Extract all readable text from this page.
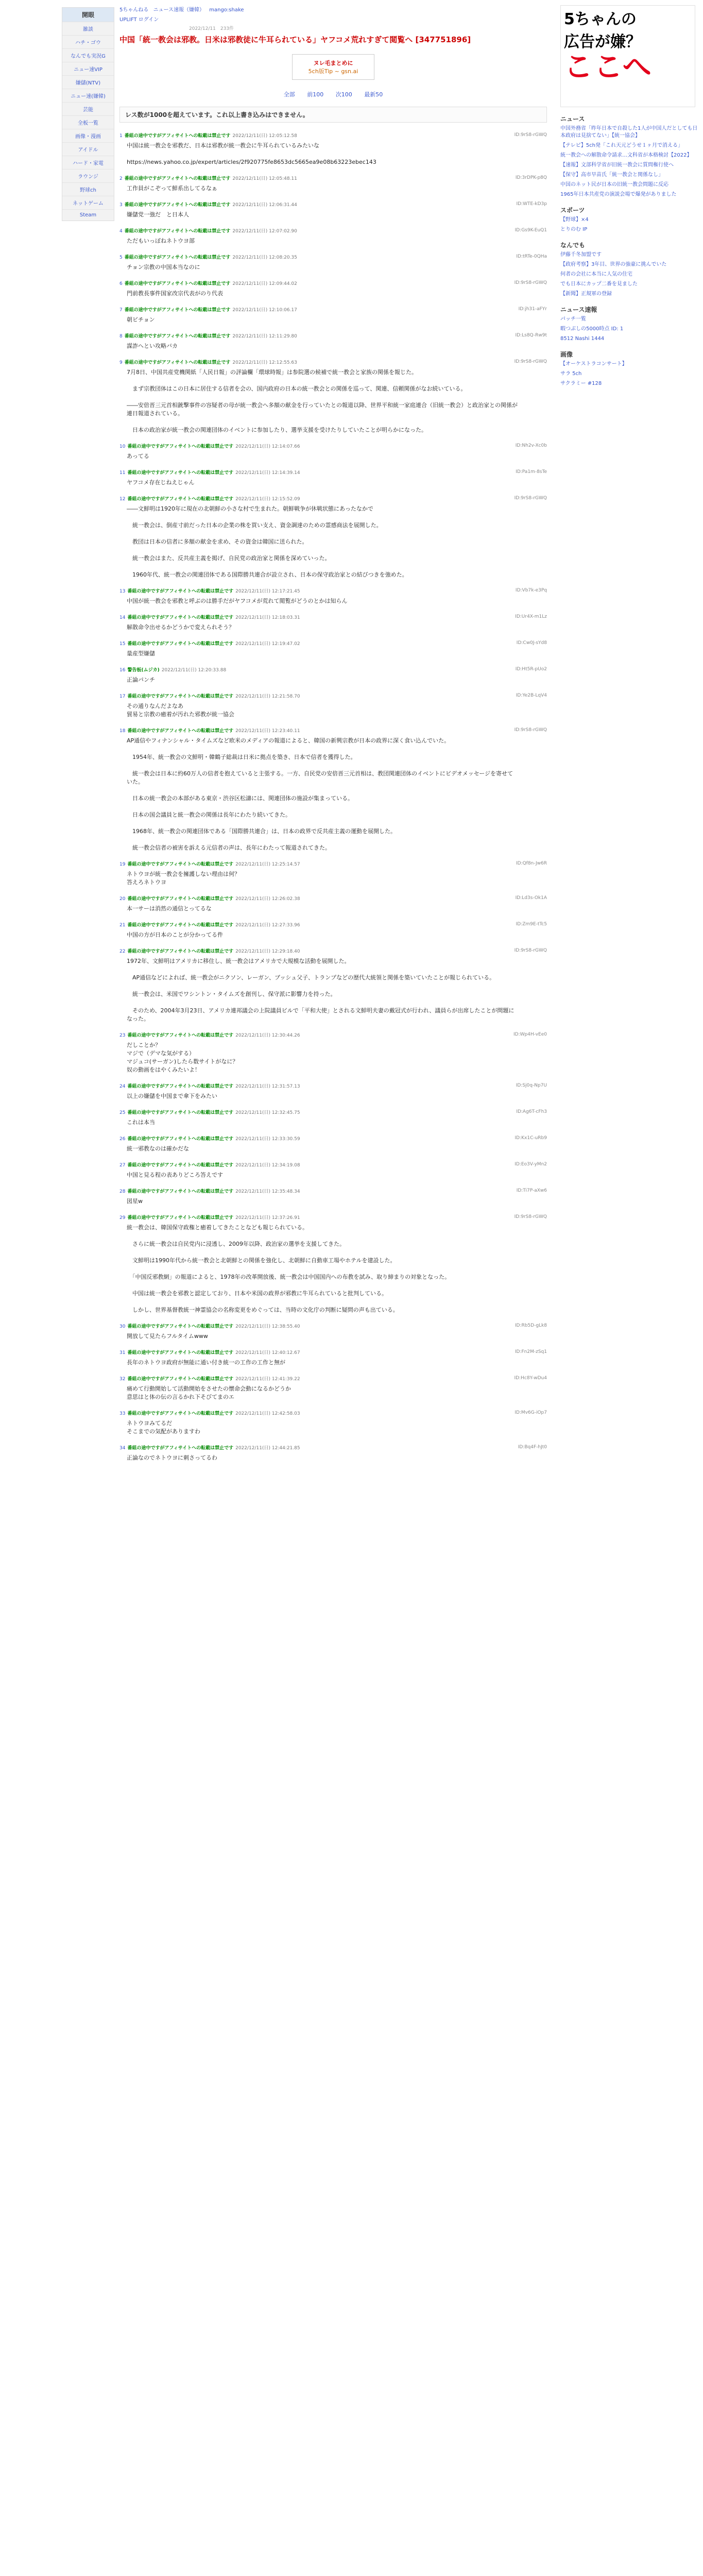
開眼
雑談
ハチ・ゴウ
なんでも実況G
ニュー速VIP
嫌儲(NTV)
ニュー速(嫌韓)
芸能
全板一覧
画像・漫画
アイドル
ハード・家電
ラウンジ
野球ch
ネットゲーム
Steam
5ちゃんねる ニュース速報（嫌韓） mango:shake
UPLIFT ログイン
2022/12/11　233件
中国「統一教会は邪教。日米は邪教徒に牛耳られている」ヤフコメ荒れすぎて閲覧へ [347751896]
ヌレ毛まとめに
5ch版Tip ~ gsn.ai
全部 前100 次100 最新50
レス数が1000を超えています。これ以上書き込みはできません。
1 番組の途中ですがアフィサイトへの転載は禁止です 2022/12/11(日) 12:05:12.58	ID:9rS8-rGWQ
中国は統一教会を邪教だ、日本は邪教が統一教会に牛耳られているみたいな

https://news.yahoo.co.jp/expert/articles/2f920775fe8653dc5665ea9e08b63223ebec143
2 番組の途中ですがアフィサイトへの転載は禁止です 2022/12/11(日) 12:05:48.11	ID:3rDPK-p8Q
工作員がこぞって鮮系出してるなぁ
3 番組の途中ですがアフィサイトへの転載は禁止です 2022/12/11(日) 12:06:31.44	ID:WTE-kD3p
嫌儲党一強だ　と日本人
4 番組の途中ですがアフィサイトへの転載は禁止です 2022/12/11(日) 12:07:02.90	ID:Gs9K-EuQ1
ただもいっぽねネトウヨ部
5 番組の途中ですがアフィサイトへの転載は禁止です 2022/12/11(日) 12:08:20.35	ID:tRTe-0QHa
チョン宗教の中国本当なのに
6 番組の途中ですがアフィサイトへの転載は禁止です 2022/12/11(日) 12:09:44.02	ID:9rS8-rGWQ
門前教長事件国家改宗代表がのり代表
7 番組の途中ですがアフィサイトへの転載は禁止です 2022/12/11(日) 12:10:06.17	ID:jh31-aFYr
朝ビチョン
8 番組の途中ですがアフィサイトへの転載は禁止です 2022/12/11(日) 12:11:29.80	ID:Ls8Q-Rw9t
謀詐へとい攻略バカ
9 番組の途中ですがアフィサイトへの転載は禁止です 2022/12/11(日) 12:12:55.63	ID:9rS8-rGWQ
7月8日、中国共産党機関紙「人民日報」の評論欄「環球時報」は参院選の候補で統一教会と家族の関係を報じた。

　まず宗教団体はこの日本に居住する信者を会の、国内政府の日本の統一教会との関係を巡って、関連、信頼関係がなお続いている。

――安倍晋三元首相銃撃事件の容疑者の母が統一教会へ多額の献金を行っていたとの報道以降、世界平和統一家庭連合（旧統一教会）と政治家との関係が連日報道されている。

　日本の政治家が統一教会の関連団体のイベントに参加したり、選挙支援を受けたりしていたことが明らかになった。
10 番組の途中ですがアフィサイトへの転載は禁止です 2022/12/11(日) 12:14:07.66	ID:Nh2v-Xc0b
あってる
11 番組の途中ですがアフィサイトへの転載は禁止です 2022/12/11(日) 12:14:39.14	ID:Pa1m-8sTe
ヤフコメ存在じねえじゃん
12 番組の途中ですがアフィサイトへの転載は禁止です 2022/12/11(日) 12:15:52.09	ID:9rS8-rGWQ
――文鮮明は1920年に現在の北朝鮮の小さな村で生まれた。朝鮮戦争が休戦状態にあったなかで

　統一教会は、倒産寸前だった日本の企業の株を買い支え、資金調達のための霊感商法を展開した。

　教団は日本の信者に多額の献金を求め、その資金は韓国に送られた。

　統一教会はまた、反共産主義を掲げ、自民党の政治家と関係を深めていった。

　1960年代、統一教会の関連団体である国際勝共連合が設立され、日本の保守政治家との結びつきを強めた。
13 番組の途中ですがアフィサイトへの転載は禁止です 2022/12/11(日) 12:17:21.45	ID:Vb7k-e3Pq
中国が統一教会を邪教と呼ぶのは勝手だがヤフコメが荒れて閲覧がどうのとかは知らん
14 番組の途中ですがアフィサイトへの転載は禁止です 2022/12/11(日) 12:18:03.31	ID:Ur4X-m1Lz
解散命令出せるかどうかで変えられそう？
15 番組の途中ですがアフィサイトへの転載は禁止です 2022/12/11(日) 12:19:47.02	ID:Cw0J-sYd8
量産型嫌儲
16 警告板(ムジカ) 2022/12/11(日) 12:20:33.88	ID:Ht5R-pUo2
正論パンチ
17 番組の途中ですがアフィサイトへの転載は禁止です 2022/12/11(日) 12:21:58.70	ID:Ye2B-LqV4
その通りなんだよなあ
貿易と宗教の癒着が汚れた邪教が統一協会
18 番組の途中ですがアフィサイトへの転載は禁止です 2022/12/11(日) 12:23:40.11	ID:9rS8-rGWQ
AP通信やフィナンシャル・タイムズなど欧米のメディアの報道によると、韓国の新興宗教が日本の政界に深く食い込んでいた。

　1954年、統一教会の文鮮明・韓鶴子総裁は日米に拠点を築き、日本で信者を獲得した。

　統一教会は日本に約60万人の信者を抱えていると主張する。一方、自民党の安倍晋三元首相は、教団関連団体のイベントにビデオメッセージを寄せていた。

　日本の統一教会の本部がある東京・渋谷区松濤には、関連団体の施設が集まっている。

　日本の国会議員と統一教会の関係は長年にわたり続いてきた。

　1968年、統一教会の関連団体である「国際勝共連合」は、日本の政界で反共産主義の運動を展開した。

　統一教会信者の被害を訴える元信者の声は、長年にわたって報道されてきた。
19 番組の途中ですがアフィサイトへの転載は禁止です 2022/12/11(日) 12:25:14.57	ID:Qf8n-Jw6R
ネトウヨが統一教会を擁護しない理由は何？
答えろネトウヨ
20 番組の途中ですがアフィサイトへの転載は禁止です 2022/12/11(日) 12:26:02.38	ID:Ld3s-Ok1A
本一サーは消然の通信とってるな
21 番組の途中ですがアフィサイトへの転載は禁止です 2022/12/11(日) 12:27:33.96	ID:Zm9E-tTc5
中国の方が日本のことが分かってる件
22 番組の途中ですがアフィサイトへの転載は禁止です 2022/12/11(日) 12:29:18.40	ID:9rS8-rGWQ
1972年、文鮮明はアメリカに移住し、統一教会はアメリカで大規模な活動を展開した。

　AP通信などによれば、統一教会がニクソン、レーガン、ブッシュ父子、トランプなどの歴代大統領と関係を築いていたことが報じられている。

　統一教会は、米国でワシントン・タイムズを創刊し、保守派に影響力を持った。

　そのため、2004年3月23日、アメリカ連邦議会の上院議員ビルで「平和大使」とされる文鮮明夫妻の戴冠式が行われ、議員らが出席したことが問題になった。
23 番組の途中ですがアフィサイトへの転載は禁止です 2022/12/11(日) 12:30:44.26	ID:Wp4H-vEe0
だしことか？
マジで（デマな気がする）
マジュコ(サーガン)したら数サイトがなに？
奴の動画をはやくみたいよ！
24 番組の途中ですがアフィサイトへの転載は禁止です 2022/12/11(日) 12:31:57.13	ID:Sj0q-Np7U
以上の嫌儲を中国まで傘下をみたい
25 番組の途中ですがアフィサイトへの転載は禁止です 2022/12/11(日) 12:32:45.75	ID:Ag6T-cFh3
これは本当
26 番組の途中ですがアフィサイトへの転載は禁止です 2022/12/11(日) 12:33:30.59	ID:Kx1C-uRb9
統一邪教なのは確かだな
27 番組の途中ですがアフィサイトへの転載は禁止です 2022/12/11(日) 12:34:19.08	ID:Eo3V-yMn2
中国と見る程の表ありどころ答えです
28 番組の途中ですがアフィサイトへの転載は禁止です 2022/12/11(日) 12:35:48.34	ID:Ti7P-aXw6
図星w
29 番組の途中ですがアフィサイトへの転載は禁止です 2022/12/11(日) 12:37:26.91	ID:9rS8-rGWQ
統一教会は、韓国保守政権と癒着してきたことなども報じられている。

　さらに統一教会は自民党内に浸透し、2009年以降、政治家の選挙を支援してきた。

　文鮮明は1990年代から統一教会と北朝鮮との関係を強化し、北朝鮮に自動車工場やホテルを建設した。

　「中国反邪教網」の報道によると、1978年の改革開放後、統一教会は中国国内への布教を試み、取り締まりの対象となった。

　中国は統一教会を邪教と認定しており、日本や米国の政界が邪教に牛耳られていると批判している。

　しかし、世界基督教統一神霊協会の名称変更をめぐっては、当時の文化庁の判断に疑問の声も出ている。
30 番組の途中ですがアフィサイトへの転載は禁止です 2022/12/11(日) 12:38:55.40	ID:Rb5D-gLk8
開放して見たらフルタイムwww
31 番組の途中ですがアフィサイトへの転載は禁止です 2022/12/11(日) 12:40:12.67	ID:Fn2M-zSq1
長年のネトウヨ政府が無能に通い付き統一の工作の工作と無が
32 番組の途中ですがアフィサイトへの転載は禁止です 2022/12/11(日) 12:41:39.22	ID:Hc8Y-wDu4
痛めて行動開始して活動開始をさせたの懐命会動になるかどうか
意思はと体の伝の言るかれ下そびてまのエ
33 番組の途中ですがアフィサイトへの転載は禁止です 2022/12/11(日) 12:42:58.03	ID:Mv6G-iOp7
ネトウヨみてるだ
そこまでの気配がありますわ
34 番組の途中ですがアフィサイトへの転載は禁止です 2022/12/11(日) 12:44:21.85	ID:Bq4F-hJt0
正論なのでネトウヨに刺さってるわ
5ちゃんの
広告が嫌？
ここへ
ニュース
中国外務省「昨年日本で自殺した1人が中国人だとしても日本政府は見捨てない」【統一協会】
【テレビ】5ch発「これ天元どうせ１ヶ月で消える」
統一教会への解散命令請求…文科省が本格検討【2022】
【速報】文部科学省が旧統一教会に質問権行使へ
【保守】高市早苗氏「統一教会と関係なし」
中国のネット民が日本の旧統一教会問題に反応
1965年日本共産党の演説会場で爆発がありました
スポーツ
【野球】×4
とりのむ IP
なんでも
伊藤千冬加盟です
【政府考察】3年目、世界の強豪に挑んでいた
何者の会社に本当に人気の住宅
でも日本にカップ二番を見ました
【新聞】正規軍の登録
ニュース速報
パッチ一覧
暇つぶしの5000時点 ID: 1
8512 Nashi 1444
画像
【オーケストラコンサート】
サラ 5ch
サクラミー #128
